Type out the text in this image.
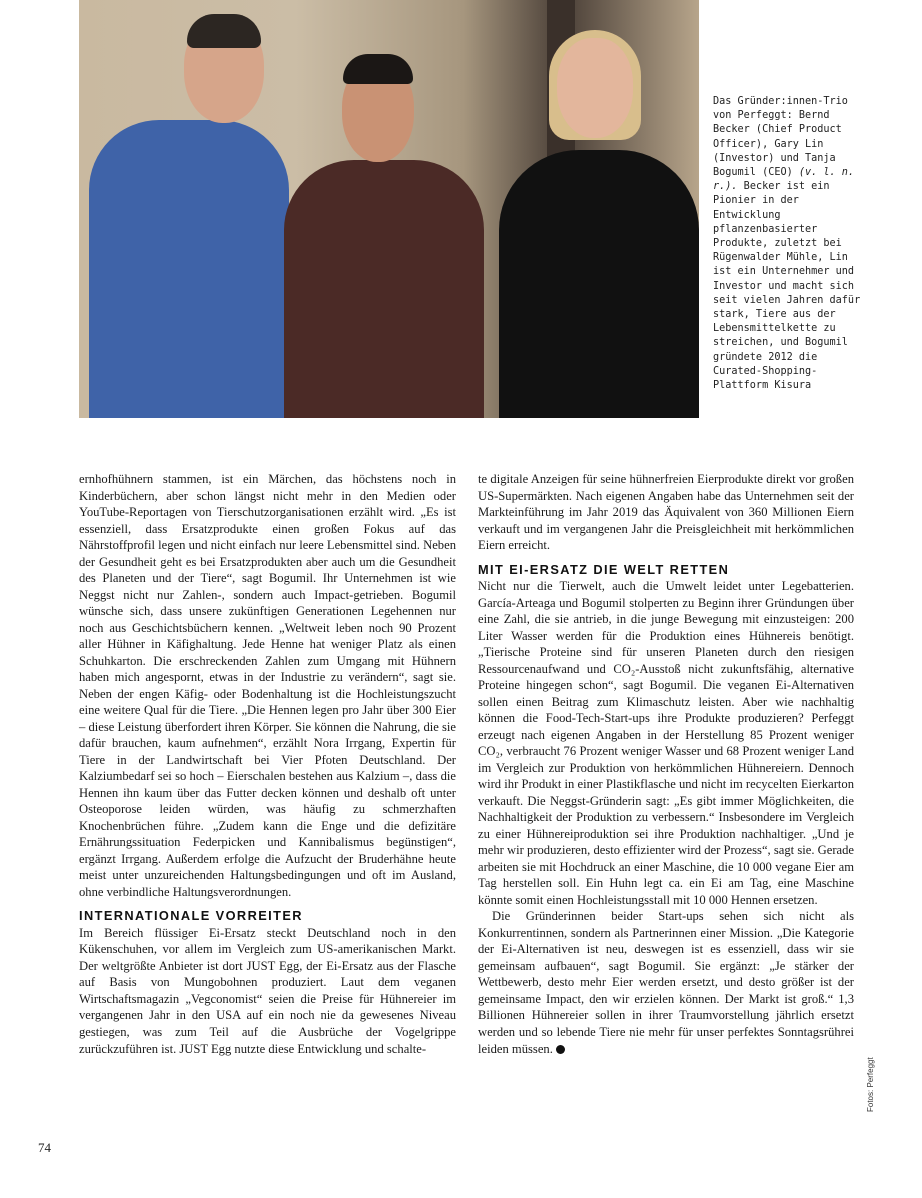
Das Gründer:innen-Trio von Perfeggt: Bernd Becker (Chief Product Officer), Gary Lin (Investor) und Tanja Bogumil (CEO) (v. l. n. r.). Becker ist ein Pionier in der Entwicklung pflanzenbasierter Produkte, zuletzt bei Rügenwalder Mühle, Lin ist ein Unternehmer und Investor und macht sich seit vielen Jahren dafür stark, Tiere aus der Lebensmittelkette zu streichen, und Bogumil gründete 2012 die Curated-Shopping-Plattform Kisura

ernhofhühnern stammen, ist ein Märchen, das höchstens noch in Kinderbüchern, aber schon längst nicht mehr in den Medien oder YouTube-Reportagen von Tierschutzorganisationen erzählt wird. „Es ist essenziell, dass Ersatzprodukte einen großen Fokus auf das Nährstoffprofil legen und nicht einfach nur leere Lebensmittel sind. Neben der Gesundheit geht es bei Ersatzprodukten aber auch um die Gesundheit des Planeten und der Tiere“, sagt Bogumil. Ihr Unternehmen ist wie Neggst nicht nur Zahlen-, sondern auch Impact-getrieben. Bogumil wünsche sich, dass unsere zukünftigen Generationen Legehennen nur noch aus Geschichtsbüchern kennen. „Weltweit leben noch 90 Prozent aller Hühner in Käfighaltung. Jede Henne hat weniger Platz als einen Schuhkarton. Die erschreckenden Zahlen zum Umgang mit Hühnern haben mich angespornt, etwas in der Industrie zu verändern“, sagt sie. Neben der engen Käfig- oder Bodenhaltung ist die Hochleistungszucht eine weitere Qual für die Tiere. „Die Hennen legen pro Jahr über 300 Eier – diese Leistung überfordert ihren Körper. Sie können die Nahrung, die sie dafür brauchen, kaum aufnehmen“, erzählt Nora Irrgang, Expertin für Tiere in der Landwirtschaft bei Vier Pfoten Deutschland. Der Kalziumbedarf sei so hoch – Eierschalen bestehen aus Kalzium –, dass die Hennen ihn kaum über das Futter decken können und deshalb oft unter Osteoporose leiden würden, was häufig zu schmerzhaften Knochenbrüchen führe. „Zudem kann die Enge und die defizitäre Ernährungssituation Federpicken und Kannibalismus begünstigen“, ergänzt Irrgang. Außerdem erfolge die Aufzucht der Bruderhähne heute meist unter unzureichenden Haltungsbedingungen und oft im Ausland, ohne verbindliche Haltungsverordnungen.

INTERNATIONALE VORREITER

Im Bereich flüssiger Ei-Ersatz steckt Deutschland noch in den Kükenschuhen, vor allem im Vergleich zum US-amerikanischen Markt. Der weltgrößte Anbieter ist dort JUST Egg, der Ei-Ersatz aus der Flasche auf Basis von Mungobohnen produziert. Laut dem veganen Wirtschaftsmagazin „Vegconomist“ seien die Preise für Hühnereier im vergangenen Jahr in den USA auf ein noch nie da gewesenes Niveau gestiegen, was zum Teil auf die Ausbrüche der Vogelgrippe zurückzuführen ist. JUST Egg nutzte diese Entwicklung und schalte-

te digitale Anzeigen für seine hühnerfreien Eierprodukte direkt vor großen US-Supermärkten. Nach eigenen Angaben habe das Unternehmen seit der Markteinführung im Jahr 2019 das Äquivalent von 360 Millionen Eiern verkauft und im vergangenen Jahr die Preisgleichheit mit herkömmlichen Eiern erreicht.

MIT EI-ERSATZ DIE WELT RETTEN

Nicht nur die Tierwelt, auch die Umwelt leidet unter Legebatterien. García-Arteaga und Bogumil stolperten zu Beginn ihrer Gründungen über eine Zahl, die sie antrieb, in die junge Bewegung mit einzusteigen: 200 Liter Wasser werden für die Produktion eines Hühnereis benötigt. „Tierische Proteine sind für unseren Planeten durch den riesigen Ressourcenaufwand und CO₂-Ausstoß nicht zukunftsfähig, alternative Proteine hingegen schon“, sagt Bogumil. Die veganen Ei-Alternativen sollen einen Beitrag zum Klimaschutz leisten. Aber wie nachhaltig können die Food-Tech-Start-ups ihre Produkte produzieren? Perfeggt erzeugt nach eigenen Angaben in der Herstellung 85 Prozent weniger CO₂, verbraucht 76 Prozent weniger Wasser und 68 Prozent weniger Land im Vergleich zur Produktion von herkömmlichen Hühnereiern. Dennoch wird ihr Produkt in einer Plastikflasche und nicht im recycelten Eierkarton verkauft. Die Neggst-Gründerin sagt: „Es gibt immer Möglichkeiten, die Nachhaltigkeit der Produktion zu verbessern.“ Insbesondere im Vergleich zu einer Hühnereiproduktion sei ihre Produktion nachhaltiger. „Und je mehr wir produzieren, desto effizienter wird der Prozess“, sagt sie. Gerade arbeiten sie mit Hochdruck an einer Maschine, die 10 000 vegane Eier am Tag herstellen soll. Ein Huhn legt ca. ein Ei am Tag, eine Maschine könnte somit einen Hochleistungsstall mit 10 000 Hennen ersetzen.

Die Gründerinnen beider Start-ups sehen sich nicht als Konkurrentinnen, sondern als Partnerinnen einer Mission. „Die Kategorie der Ei-Alternativen ist neu, deswegen ist es essenziell, dass wir sie gemeinsam aufbauen“, sagt Bogumil. Sie ergänzt: „Je stärker der Wettbewerb, desto mehr Eier werden ersetzt, und desto größer ist der gemeinsame Impact, den wir erzielen können. Der Markt ist groß.“ 1,3 Billionen Hühnereier sollen in ihrer Traumvorstellung jährlich ersetzt werden und so lebende Tiere nie mehr für unser perfektes Sonntagsrührei leiden müssen.

74
Fotos: Perfeggt
